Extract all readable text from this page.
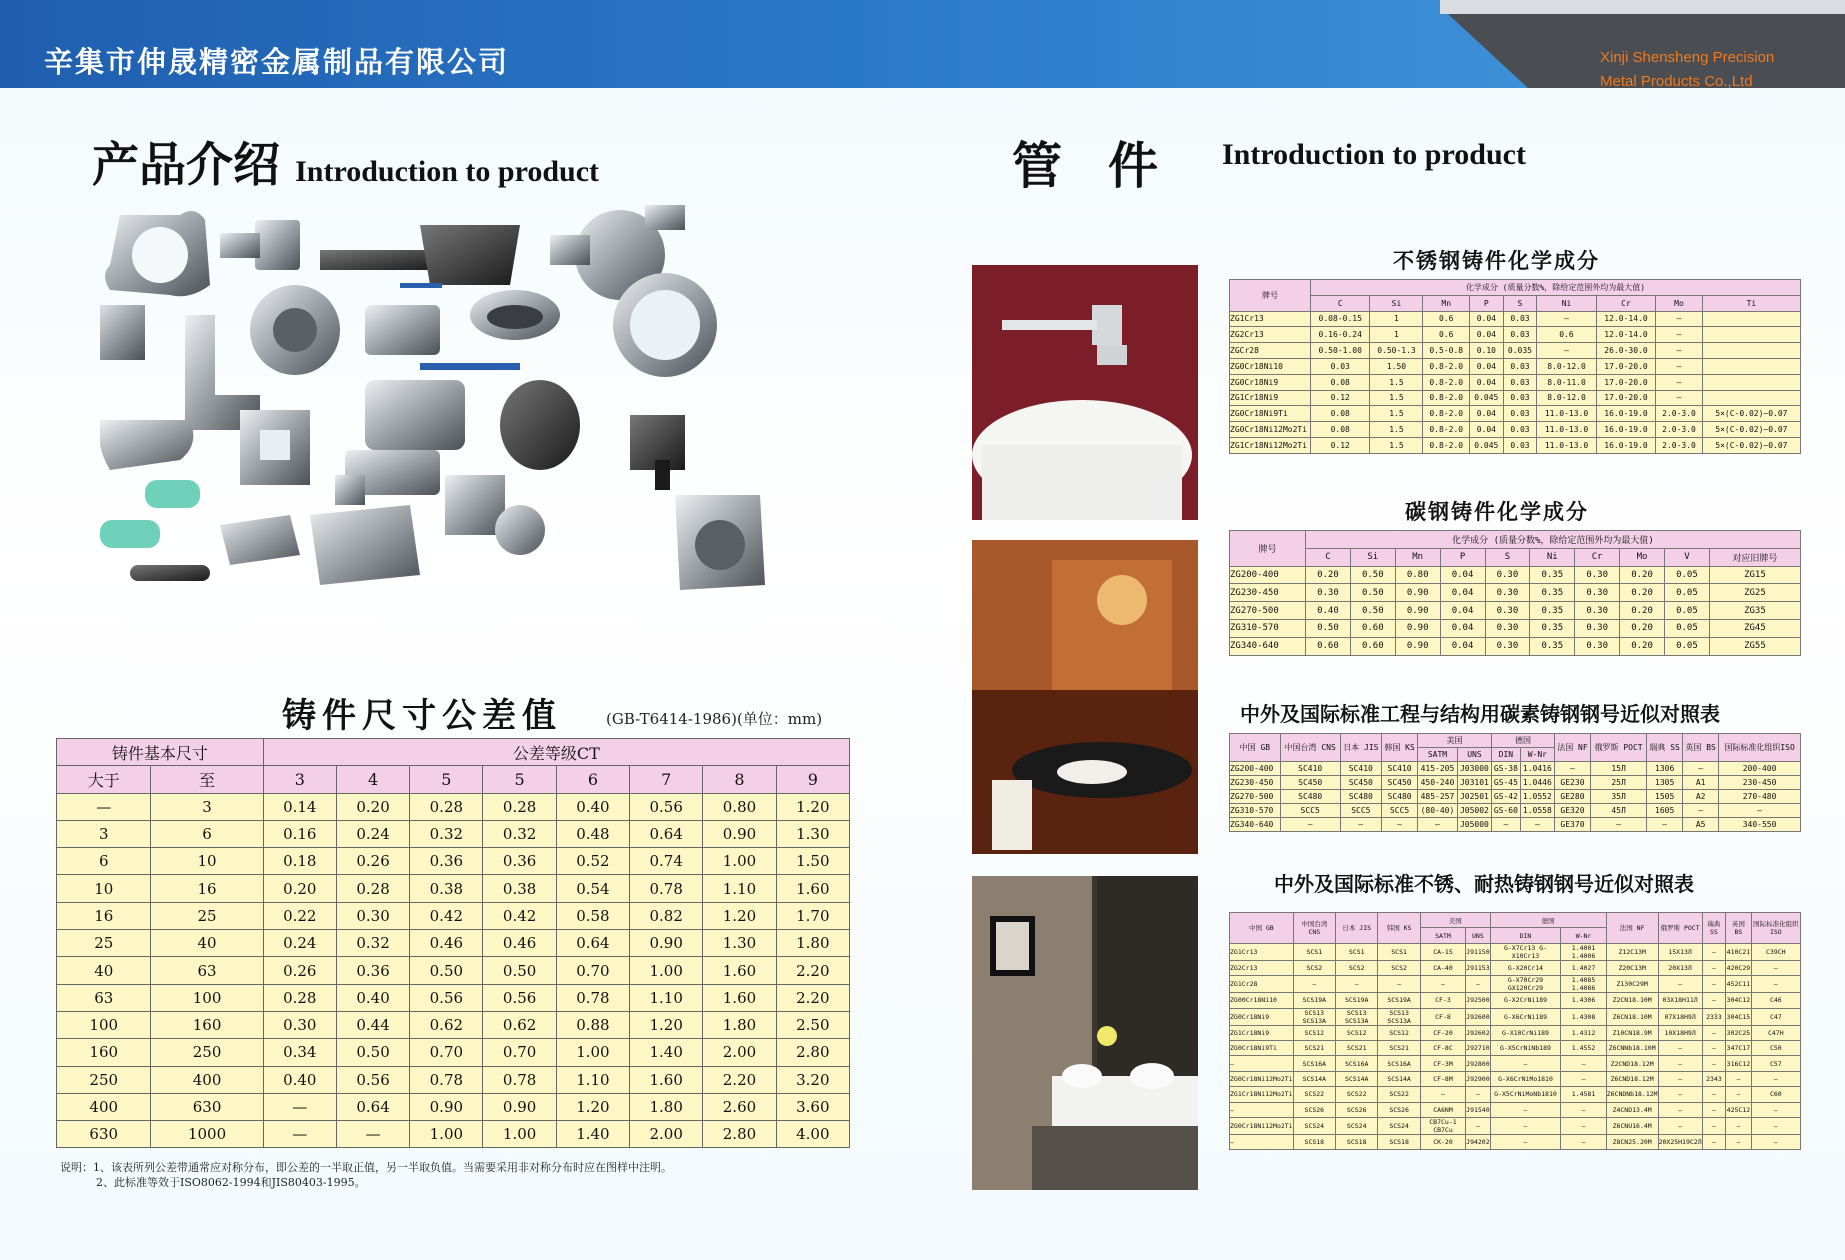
辛集市伸晟精密金属制品有限公司	Xinji Shensheng Precision
Metal Products Co.,Ltd
产品介绍 Introduction to product	管件 Introduction to product
铸件尺寸公差值	(GB-T6414-1986)(单位：mm)
铸件基本尺寸		公差等级CT							
大于	至	3	4	5	5	6	7	8	9
—	3	0.14	0.20	0.28	0.28	0.40	0.56	0.80	1.20
3	6	0.16	0.24	0.32	0.32	0.48	0.64	0.90	1.30
6	10	0.18	0.26	0.36	0.36	0.52	0.74	1.00	1.50
10	16	0.20	0.28	0.38	0.38	0.54	0.78	1.10	1.60
16	25	0.22	0.30	0.42	0.42	0.58	0.82	1.20	1.70
25	40	0.24	0.32	0.46	0.46	0.64	0.90	1.30	1.80
40	63	0.26	0.36	0.50	0.50	0.70	1.00	1.60	2.20
63	100	0.28	0.40	0.56	0.56	0.78	1.10	1.60	2.20
100	160	0.30	0.44	0.62	0.62	0.88	1.20	1.80	2.50
160	250	0.34	0.50	0.70	0.70	1.00	1.40	2.00	2.80
250	400	0.40	0.56	0.78	0.78	1.10	1.60	2.20	3.20
400	630	—	0.64	0.90	0.90	1.20	1.80	2.60	3.60
630	1000	—	—	1.00	1.00	1.40	2.00	2.80	4.00
说明：1、该表所列公差带通常应对称分布，即公差的一半取正值，另一半取负值。当需要采用非对称分布时应在图样中注明。
2、此标准等效于ISO8062-1994和JIS80403-1995。
不锈钢铸件化学成分
牌号	化学成分 (质量分数%，除给定范围外均为最大值)								
	C	Si	Mn	P	S	Ni	Cr	Mo	Ti
ZG1Cr13	0.08-0.15	1	0.6	0.04	0.03	—	12.0-14.0	—	
ZG2Cr13	0.16-0.24	1	0.6	0.04	0.03	0.6	12.0-14.0	—	
ZGCr28	0.50-1.00	0.50-1.3	0.5-0.8	0.10	0.035	—	26.0-30.0	—	
ZG0Cr18Ni10	0.03	1.50	0.8-2.0	0.04	0.03	8.0-12.0	17.0-20.0	—	
ZG0Cr18Ni9	0.08	1.5	0.8-2.0	0.04	0.03	8.0-11.0	17.0-20.0	—	
ZG1Cr18Ni9	0.12	1.5	0.8-2.0	0.045	0.03	8.0-12.0	17.0-20.0	—	
ZG0Cr18Ni9Ti	0.08	1.5	0.8-2.0	0.04	0.03	11.0-13.0	16.0-19.0	2.0-3.0	5×(C-0.02)~0.07
ZG0Cr18Ni12Mo2Ti	0.08	1.5	0.8-2.0	0.04	0.03	11.0-13.0	16.0-19.0	2.0-3.0	5×(C-0.02)~0.07
ZG1Cr18Ni12Mo2Ti	0.12	1.5	0.8-2.0	0.045	0.03	11.0-13.0	16.0-19.0	2.0-3.0	5×(C-0.02)~0.07
碳钢铸件化学成分
牌号	化学成分 (质量分数%，除给定范围外均为最大值)									
	C	Si	Mn	P	S	Ni	Cr	Mo	V	对应旧牌号
ZG200-400	0.20	0.50	0.80	0.04	0.30	0.35	0.30	0.20	0.05	ZG15
ZG230-450	0.30	0.50	0.90	0.04	0.30	0.35	0.30	0.20	0.05	ZG25
ZG270-500	0.40	0.50	0.90	0.04	0.30	0.35	0.30	0.20	0.05	ZG35
ZG310-570	0.50	0.60	0.90	0.04	0.30	0.35	0.30	0.20	0.05	ZG45
ZG340-640	0.60	0.60	0.90	0.04	0.30	0.35	0.30	0.20	0.05	ZG55
中外及国际标准工程与结构用碳素铸钢钢号近似对照表
中国 GB	中国台湾 CNS	日本 JIS	韩国 KS	美国		德国		法国 NF	俄罗斯 POCT	瑞典 SS	英国 BS	国际标准化组织ISO
				SATM	UNS	DIN	W-Nr					
ZG200-400	SC410	SC410	SC410	415-205	J03000	GS-38	1.0416	—	15Л	1306	—	200-400
ZG230-450	SC450	SC450	SC450	450-240	J03101	GS-45	1.0446	GE230	25Л	1305	A1	230-450
ZG270-500	SC480	SC480	SC480	485-257	J02501	GS-42	1.0552	GE280	35Л	1505	A2	270-480
ZG310-570	SCC5	SCC5	SCC5	(80-40)	J05002	GS-60	1.0558	GE320	45Л	1605	—	—
ZG340-640	—	—	—	—	J05000	—	—	GE370	—	—	A5	340-550
中外及国际标准不锈、耐热铸钢钢号近似对照表
中国 GB	中国台湾 CNS	日本 JIS	韩国 KS	美国		德国		法国 NF	俄罗斯 POCT	瑞典 SS	英国 BS	国际标准化组织ISO
				SATM	UNS	DIN	W-Nr					
ZG1Cr13	SCS1	SCS1	SCS1	CA-15	J91150	G-X7Cr13 G-X10Cr13	1.4001 1.4006	Z12C13M	15X13Л	—	410C21	C39CH
ZG2Cr13	SCS2	SCS2	SCS2	CA-40	J91153	G-X20Cr14	1.4027	Z20C13M	20X13Л	—	420C29	—
ZG1Cr28	—	—	—	—	—	G-X70Cr29 GX120Cr29	1.4085 1.4086	Z130C29M	—	—	452C11	—
ZG00Cr18Ni10	SCS19A	SCS19A	SCS19A	CF-3	J92500	G-X2CrNi189	1.4306	Z2CN18.10M	03X18H11Л	—	304C12	C46
ZG0Cr18Ni9	SCS13 SCS13A	SCS13 SCS13A	SCS13 SCS13A	CF-8	J92600	G-X6CrNi189	1.4308	Z6CN18.10M	07X18H9Л	2333	304C15	C47
ZG1Cr18Ni9	SCS12	SCS12	SCS12	CF-20	J92602	G-X10CrNi189	1.4312	Z10CN18.9M	10X18H9Л	—	302C25	C47H
ZG0Cr18Ni9Ti	SCS21	SCS21	SCS21	CF-8C	J92710	G-X5CrNiNb189	1.4552	Z6CNNb18.10M	—	—	347C17	C50
—	SCS16A	SCS16A	SCS16A	CF-3M	J92800	—	—	Z2CND18.12M	—	—	316C12	C57
ZG0Cr18Ni12Mo2Ti	SCS14A	SCS14A	SCS14A	CF-8M	J92900	G-X6CrNiMo1810	—	Z6CND18.12M	—	2343	—	—
ZG1Cr18Ni12Mo2Ti	SCS22	SCS22	SCS22	—	—	G-X5CrNiMoNb1810	1.4581	Z6CNDNb18.12M	—	—	—	C60
—	SCS26	SCS26	SCS26	CA6NM	J91540	—	—	Z4CND13.4M	—	—	425C12	—
ZG0Cr18Ni12Mo2Ti	SCS24	SCS24	SCS24	CB7Cu-1 CB7Cu	—	—	—	Z6CNU16.4M	—	—	—	—
—	SCS18	SCS18	SCS18	CK-20	J94202	—	—	Z8CN25.20M	20X25H19C2Л	—	—	—
